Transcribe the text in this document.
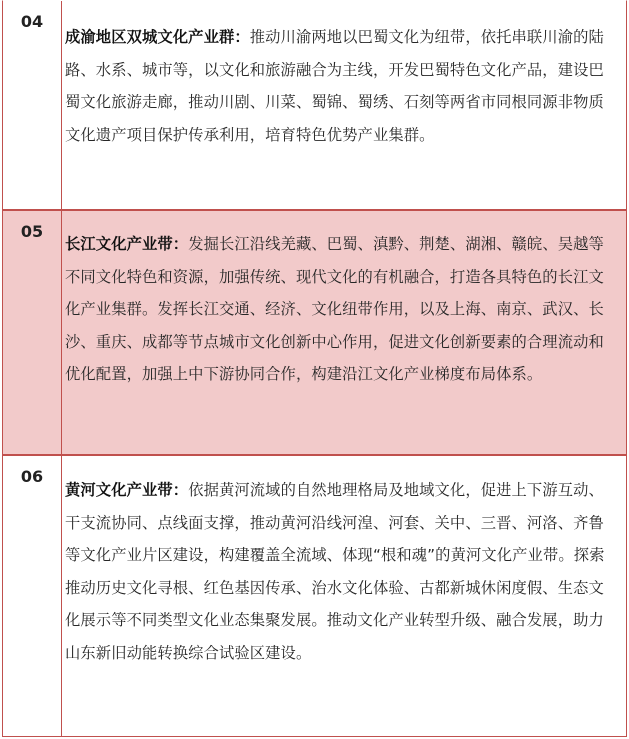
04
成渝地区双城文化产业群：推动川渝两地以巴蜀文化为纽带，依托串联川渝的陆路、水系、城市等，以文化和旅游融合为主线，开发巴蜀特色文化产品，建设巴蜀文化旅游走廊，推动川剧、川菜、蜀锦、蜀绣、石刻等两省市同根同源非物质文化遗产项目保护传承利用，培育特色优势产业集群。
05
长江文化产业带：发掘长江沿线羌藏、巴蜀、滇黔、荆楚、湖湘、赣皖、吴越等不同文化特色和资源，加强传统、现代文化的有机融合，打造各具特色的长江文化产业集群。发挥长江交通、经济、文化纽带作用，以及上海、南京、武汉、长沙、重庆、成都等节点城市文化创新中心作用，促进文化创新要素的合理流动和优化配置，加强上中下游协同合作，构建沿江文化产业梯度布局体系。
06
黄河文化产业带：依据黄河流域的自然地理格局及地域文化，促进上下游互动、干支流协同、点线面支撑，推动黄河沿线河湟、河套、关中、三晋、河洛、齐鲁等文化产业片区建设，构建覆盖全流域、体现“根和魂”的黄河文化产业带。探索推动历史文化寻根、红色基因传承、治水文化体验、古都新城休闲度假、生态文化展示等不同类型文化业态集聚发展。推动文化产业转型升级、融合发展，助力山东新旧动能转换综合试验区建设。
